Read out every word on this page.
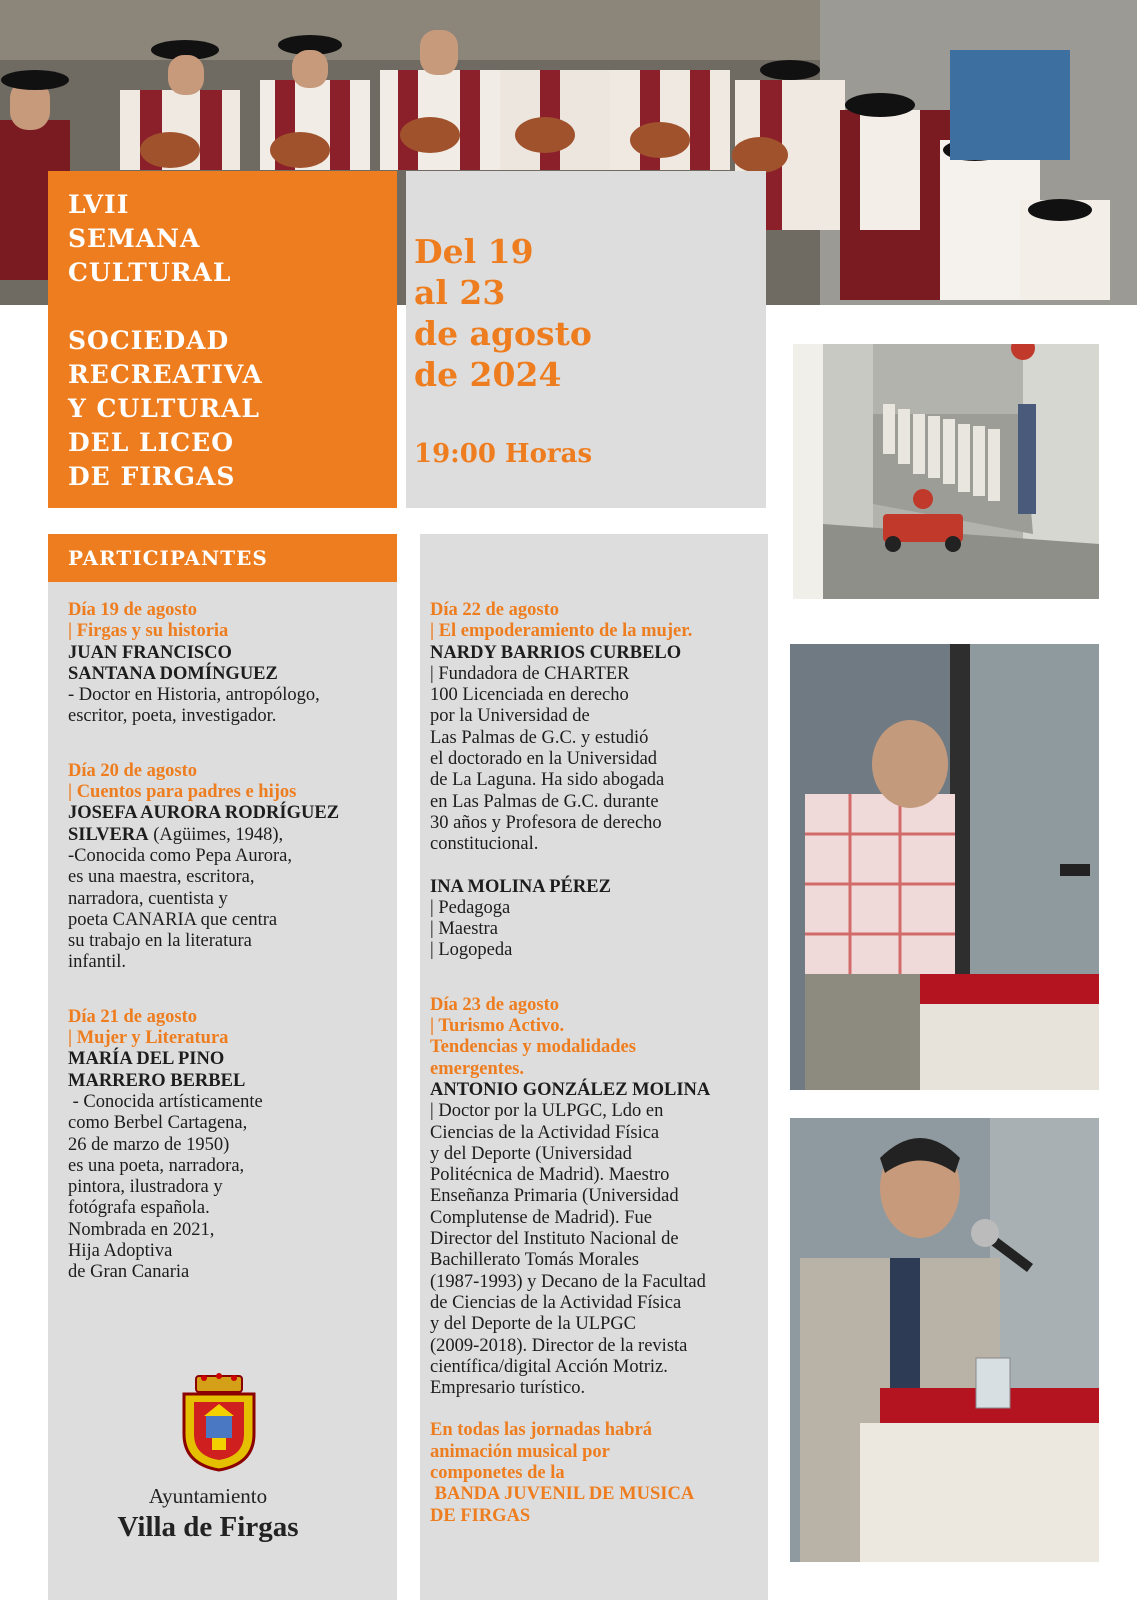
LVII
SEMANA
CULTURAL
SOCIEDAD
RECREATIVA
Y CULTURAL
DEL LICEO
DE FIRGAS
Del 19
al 23
de agosto
de 2024
19:00 Horas
PARTICIPANTES
Día 19 de agosto
| Firgas y su historia
JUAN FRANCISCO
SANTANA DOMÍNGUEZ
- Doctor en Historia, antropólogo,
escritor, poeta, investigador.
Día 20 de agosto
| Cuentos para padres e hijos
JOSEFA AURORA RODRÍGUEZ
SILVERA (Agüimes, 1948),
-Conocida como Pepa Aurora,
es una maestra, escritora,
narradora, cuentista y
poeta CANARIA que centra
su trabajo en la literatura
infantil.
Día 21 de agosto
| Mujer y Literatura
MARÍA DEL PINO
MARRERO BERBEL
- Conocida artísticamente
como Berbel Cartagena,
26 de marzo de 1950)
es una poeta, narradora,
pintora, ilustradora y
fotógrafa española.
Nombrada en 2021,
Hija Adoptiva
de Gran Canaria
Ayuntamiento
Villa de Firgas
Día 22 de agosto
| El empoderamiento de la mujer.
NARDY BARRIOS CURBELO
| Fundadora de CHARTER
100 Licenciada en derecho
por la Universidad de
Las Palmas de G.C. y estudió
el doctorado en la Universidad
de La Laguna. Ha sido abogada
en Las Palmas de G.C. durante
30 años y Profesora de derecho
constitucional.
INA MOLINA PÉREZ
| Pedagoga
| Maestra
| Logopeda
Día 23 de agosto
| Turismo Activo.
Tendencias y modalidades
emergentes.
ANTONIO GONZÁLEZ MOLINA
| Doctor por la ULPGC, Ldo en
Ciencias de la Actividad Física
y del Deporte (Universidad
Politécnica de Madrid). Maestro
Enseñanza Primaria (Universidad
Complutense de Madrid). Fue
Director del Instituto Nacional de
Bachillerato Tomás Morales
(1987-1993) y Decano de la Facultad
de Ciencias de la Actividad Física
y del Deporte de la ULPGC
(2009-2018). Director de la revista
científica/digital Acción Motriz.
Empresario turístico.
En todas las jornadas habrá
animación musical por
componetes de la
BANDA JUVENIL DE MUSICA
DE FIRGAS
